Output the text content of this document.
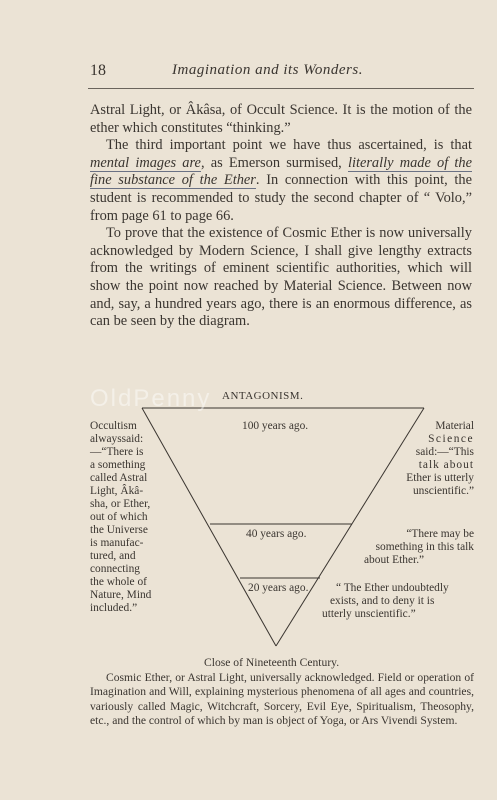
18	Imagination and its Wonders.

Astral Light, or Âkâsa, of Occult Science. It is the motion of the ether which constitutes “thinking.”

The third important point we have thus ascertained, is that mental images are, as Emerson surmised, literally made of the fine substance of the Ether. In connection with this point, the student is recommended to study the second chapter of “ Volo,” from page 61 to page 66.

To prove that the existence of Cosmic Ether is now universally acknowledged by Modern Science, I shall give lengthy extracts from the writings of eminent scientific authorities, which will show the point now reached by Material Science. Between now and, say, a hundred years ago, there is an enormous difference, as can be seen by the diagram.

ANTAGONISM.
100 years ago.
40 years ago.
20 years ago.
Occultism
alwayssaid:
—“There is
a something
called Astral
Light, Âkâ-
sha, or Ether,
out of which
the Universe
is manufac-
tured, and
connecting
the whole of
Nature, Mind
included.”
Material
Science
said:—“This
talk about
Ether is utterly
unscientific.”
“There may be
something in this talk
about Ether.”
“ The Ether undoubtedly
exists, and to deny it is
utterly unscientific.”
Close of Nineteenth Century.
OldPenny

Cosmic Ether, or Astral Light, universally acknowledged. Field or operation of Imagination and Will, explaining mysterious phenomena of all ages and countries, variously called Magic, Witchcraft, Sorcery, Evil Eye, Spiritualism, Theosophy, etc., and the control of which by man is object of Yoga, or Ars Vivendi System.
